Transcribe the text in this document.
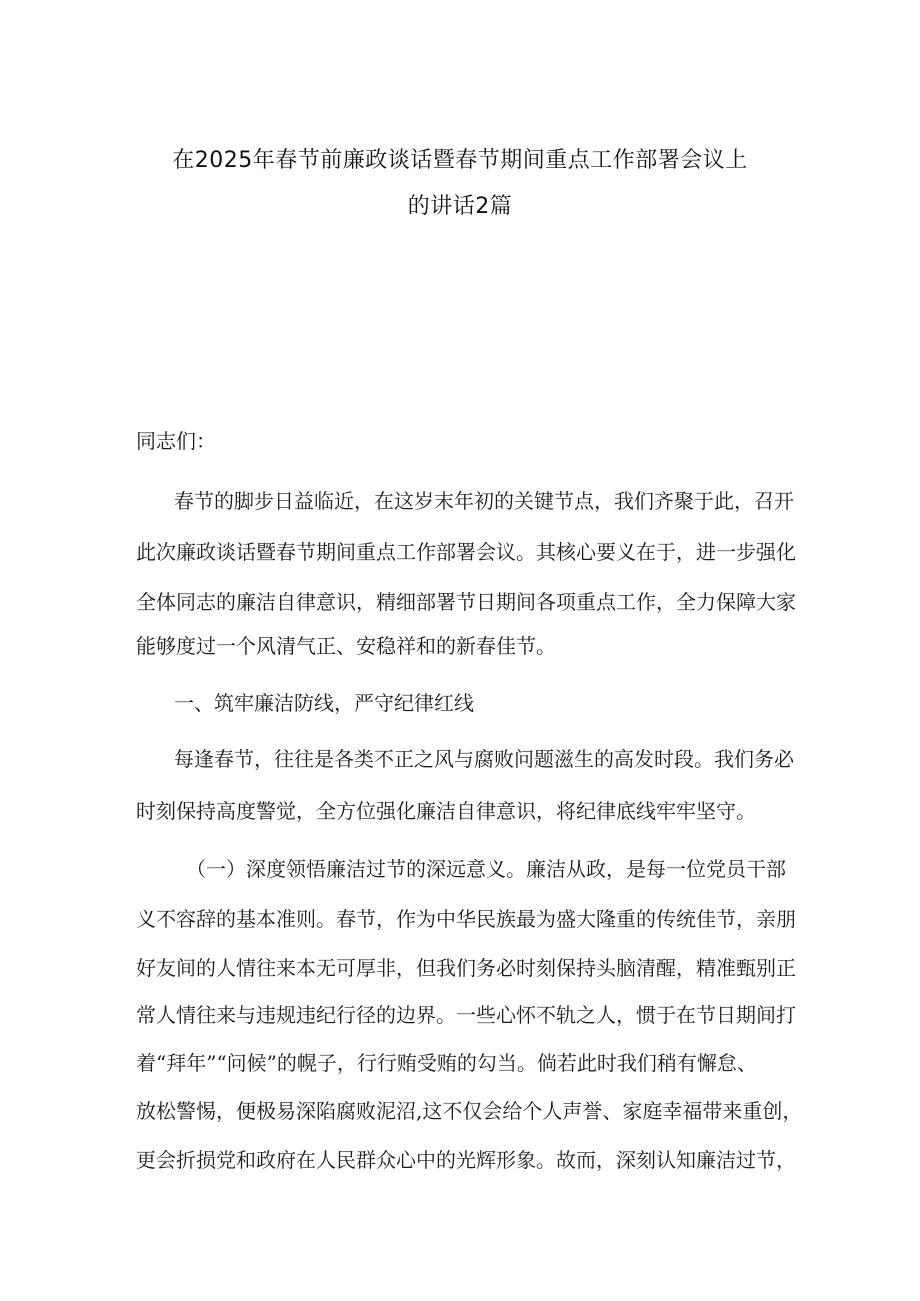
在2025年春节前廉政谈话暨春节期间重点工作部署会议上
的讲话2篇
同志们：
春节的脚步日益临近，在这岁末年初的关键节点，我们齐聚于此，召开
此次廉政谈话暨春节期间重点工作部署会议。其核心要义在于，进一步强化
全体同志的廉洁自律意识，精细部署节日期间各项重点工作，全力保障大家
能够度过一个风清气正、安稳祥和的新春佳节。
一、筑牢廉洁防线，严守纪律红线
每逢春节，往往是各类不正之风与腐败问题滋生的高发时段。我们务必
时刻保持高度警觉，全方位强化廉洁自律意识，将纪律底线牢牢坚守。
（一）深度领悟廉洁过节的深远意义。廉洁从政，是每一位党员干部
义不容辞的基本准则。春节，作为中华民族最为盛大隆重的传统佳节，亲朋
好友间的人情往来本无可厚非，但我们务必时刻保持头脑清醒，精准甄别正
常人情往来与违规违纪行径的边界。一些心怀不轨之人，惯于在节日期间打
着“拜年”“问候”的幌子，行行贿受贿的勾当。倘若此时我们稍有懈怠、
放松警惕，便极易深陷腐败泥沼,这不仅会给个人声誉、家庭幸福带来重创，
更会折损党和政府在人民群众心中的光辉形象。故而，深刻认知廉洁过节，
